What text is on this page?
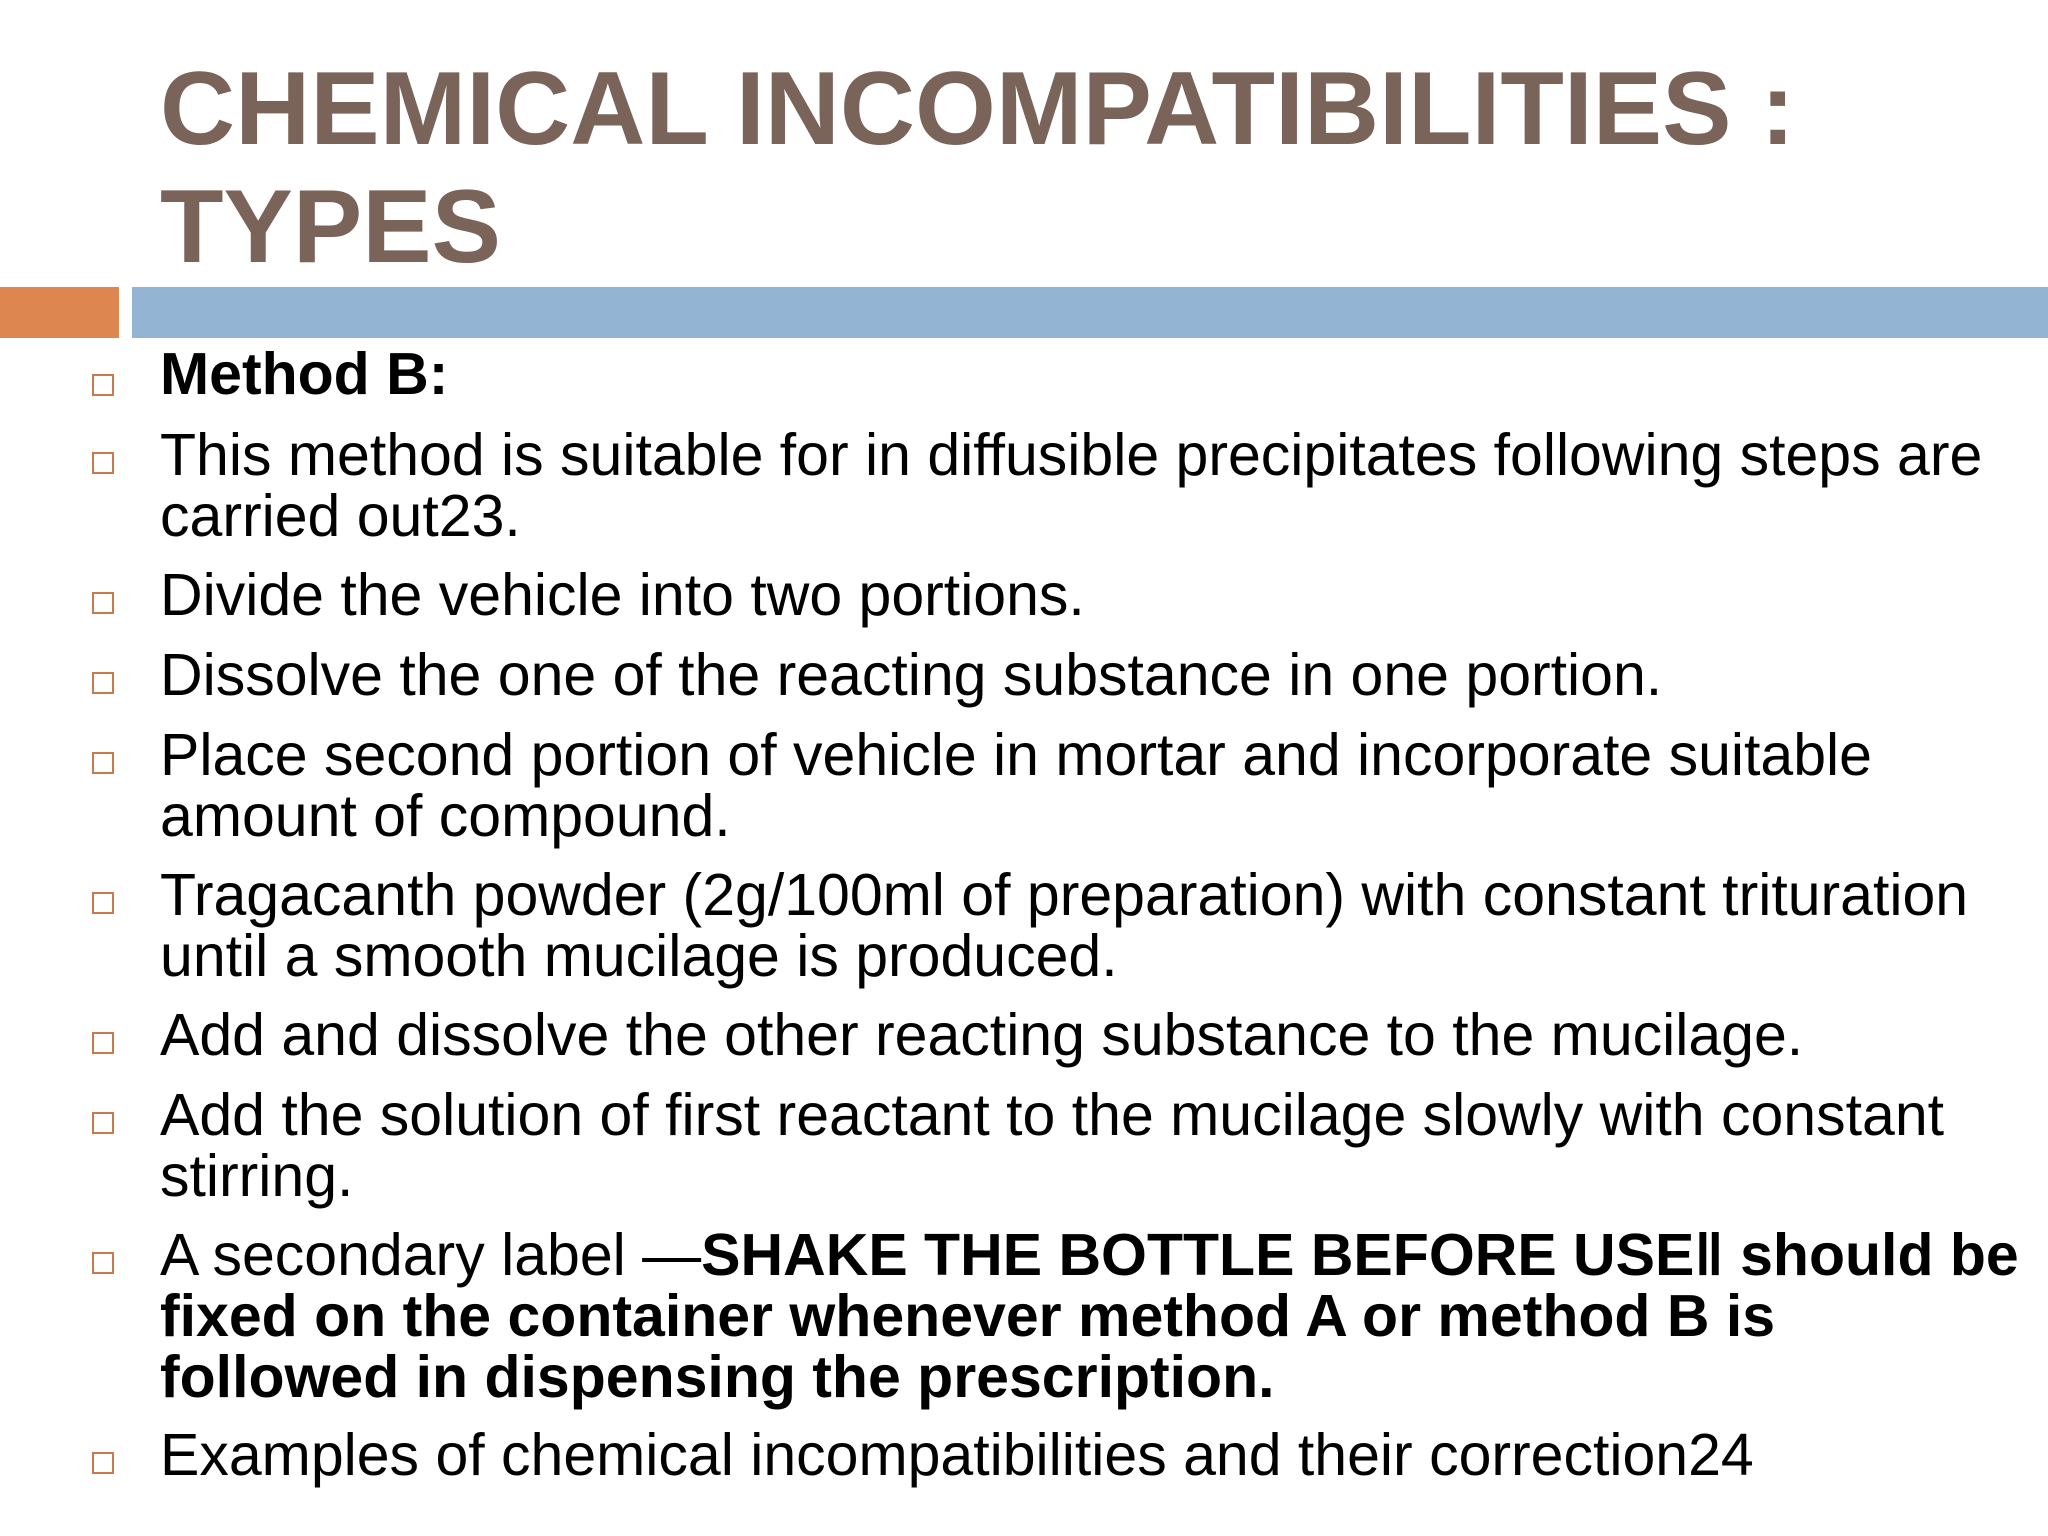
CHEMICAL INCOMPATIBILITIES :
TYPES
Method B:
This method is suitable for in diffusible precipitates following steps are carried out23.
Divide the vehicle into two portions.
Dissolve the one of the reacting substance in one portion.
Place second portion of vehicle in mortar and incorporate suitable amount of compound.
Tragacanth powder (2g/100ml of preparation) with constant trituration until a smooth mucilage is produced.
Add and dissolve the other reacting substance to the mucilage.
Add the solution of first reactant to the mucilage slowly with constant stirring.
A secondary label —SHAKE THE BOTTLE BEFORE USE‖ should be fixed on the container whenever method A or method B is followed in dispensing the prescription.
Examples of chemical incompatibilities and their correction24
